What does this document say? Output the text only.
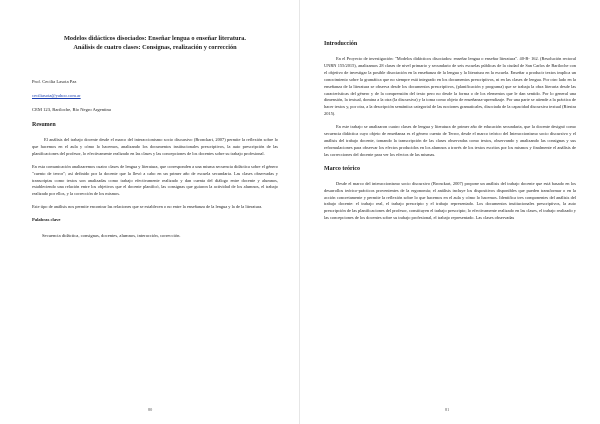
Modelos didácticos disociados: Enseñar lengua o enseñar literatura.

Análisis de cuatro clases: Consignas, realización y corrección

Prof. Cecilia Lasota Paz

ceciliasota@yahoo.com.ar

CEM 123, Bariloche, Río Negro Argentina

Resumen

El análisis del trabajo docente desde el marco del interaccionismo socio discursivo (Bronckart, 2007) permite la reflexión sobre lo que hacemos en el aula y cómo lo hacemos, analizando los documentos institucionales prescriptivos, la auto prescripción de las planificaciones del profesor, lo efectivamente realizado en las clases y las concepciones de los docentes sobre su trabajo profesional.

En esta comunicación analizaremos cuatro clases de lengua y literatura, que corresponden a una misma secuencia didáctica sobre el género "cuento de terror"; así definido por la docente que la llevó a cabo en un primer año de escuela secundaria. Las clases observadas y transcriptas como textos son analizadas como trabajo efectivamente realizado y dan cuenta del diálogo entre docente y alumnos, estableciendo una relación entre los objetivos que el docente planificó, las consignas que guiaron la actividad de los alumnos, el trabajo realizado por ellos, y la corrección de los mismos.

Este tipo de análisis nos permite encontrar las relaciones que se establecen o no entre la enseñanza de la lengua y la de la literatura.

Palabras clave

Secuencia didáctica, consignas, docentes, alumnos, interacción, corrección.

80
Introducción

En el Proyecto de investigación: "Modelos didácticos disociados: enseñar lengua o enseñar literatura". 40-B- 162. (Resolución rectoral UNRN 155/2015), analizamos 28 clases de nivel primario y secundario de seis escuelas públicas de la ciudad de San Carlos de Bariloche con el objetivo de investigar la posible disociación en la enseñanza de la lengua y la literatura en la escuela. Enseñar a producir textos implica un conocimiento sobre la gramática que no siempre está integrado en los documentos prescriptivos, ni en las clases de lengua. Por otro lado en la enseñanza de la literatura se observa desde los documentos prescriptivos, (planificación y programa) que se trabaja la obra literaria desde las características del género y de la comprensión del texto pero no desde la forma o de los elementos que le dan sentido. Por lo general una dimensión, la textual, domina a la otra (la discursiva) y la toma como objeto de enseñanza-aprendizaje. Por una parte se atiende a la práctica de hacer textos y, por otra, a la descripción semántica categorial de las nociones gramaticales, disociada de la capacidad discursiva textual (Riestra 2015).

En este trabajo se analizaron cuatro clases de lengua y literatura de primer año de educación secundaria, que la docente designó como secuencia didáctica cuyo objeto de enseñanza es el género cuento de Terror, desde el marco teórico del Interaccionismo socio discursivo y el análisis del trabajo docente, tomando la transcripción de las clases observadas como textos, observando y analizando las consignas y sus reformulaciones para observar los efectos producidos en los alumnos a través de los textos escritos por los mismos y finalmente el análisis de las correcciones del docente para ver los efectos de las mismas.

Marco teórico

Desde el marco del interaccionismo socio discursivo (Bronckart, 2007) propone un análisis del trabajo docente que está basado en los desarrollos teórico-prácticos provenientes de la ergonomía; el análisis incluye los dispositivos disponibles que pueden transformar o en la acción concretamente y permite la reflexión sobre lo que hacemos en el aula y cómo lo hacemos. Identifica tres componentes del análisis del trabajo docente: el trabajo real, el trabajo prescripto y el trabajo representado. Los documentos institucionales prescriptivos, la auto prescripción de las planificaciones del profesor, constituyen el trabajo prescripto; lo efectivamente realizado en las clases, el trabajo realizado y las concepciones de los docentes sobre su trabajo profesional, el trabajo representado. Las clases observadas

81
